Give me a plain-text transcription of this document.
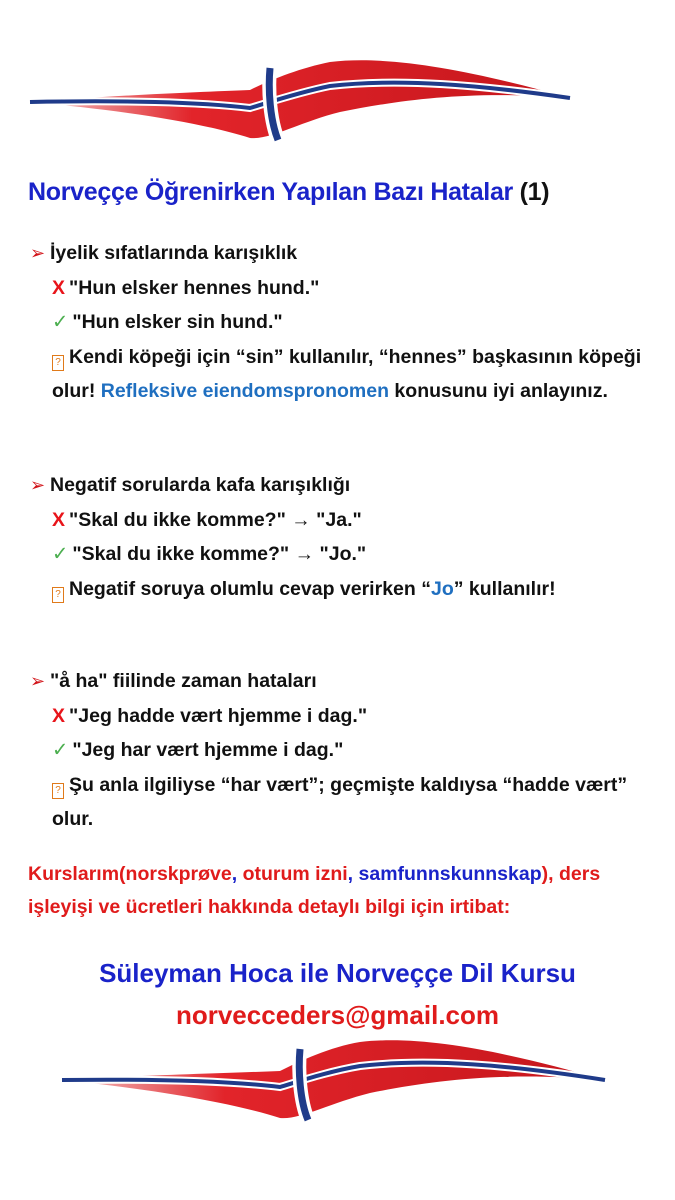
Norveççe Öğrenirken Yapılan Bazı Hatalar (1)
➢ İyelik sıfatlarında karışıklık
X "Hun elsker hennes hund."
✓ "Hun elsker sin hund."
? Kendi köpeği için “sin” kullanılır, “hennes” başkasının köpeği
olur! Refleksive eiendomspronomen konusunu iyi anlayınız.
➢ Negatif sorularda kafa karışıklığı
X "Skal du ikke komme?" → "Ja."
✓ "Skal du ikke komme?" → "Jo."
? Negatif soruya olumlu cevap verirken “Jo” kullanılır!
➢ "å ha" fiilinde zaman hataları
X "Jeg hadde vært hjemme i dag."
✓ "Jeg har vært hjemme i dag."
? Şu anla ilgiliyse “har vært”; geçmişte kaldıysa “hadde vært”
olur.
Kurslarım(norskprøve, oturum izni, samfunnskunnskap), ders
işleyişi ve ücretleri hakkında detaylı bilgi için irtibat:
Süleyman Hoca ile Norveççe Dil Kursu
norvecceders@gmail.com
